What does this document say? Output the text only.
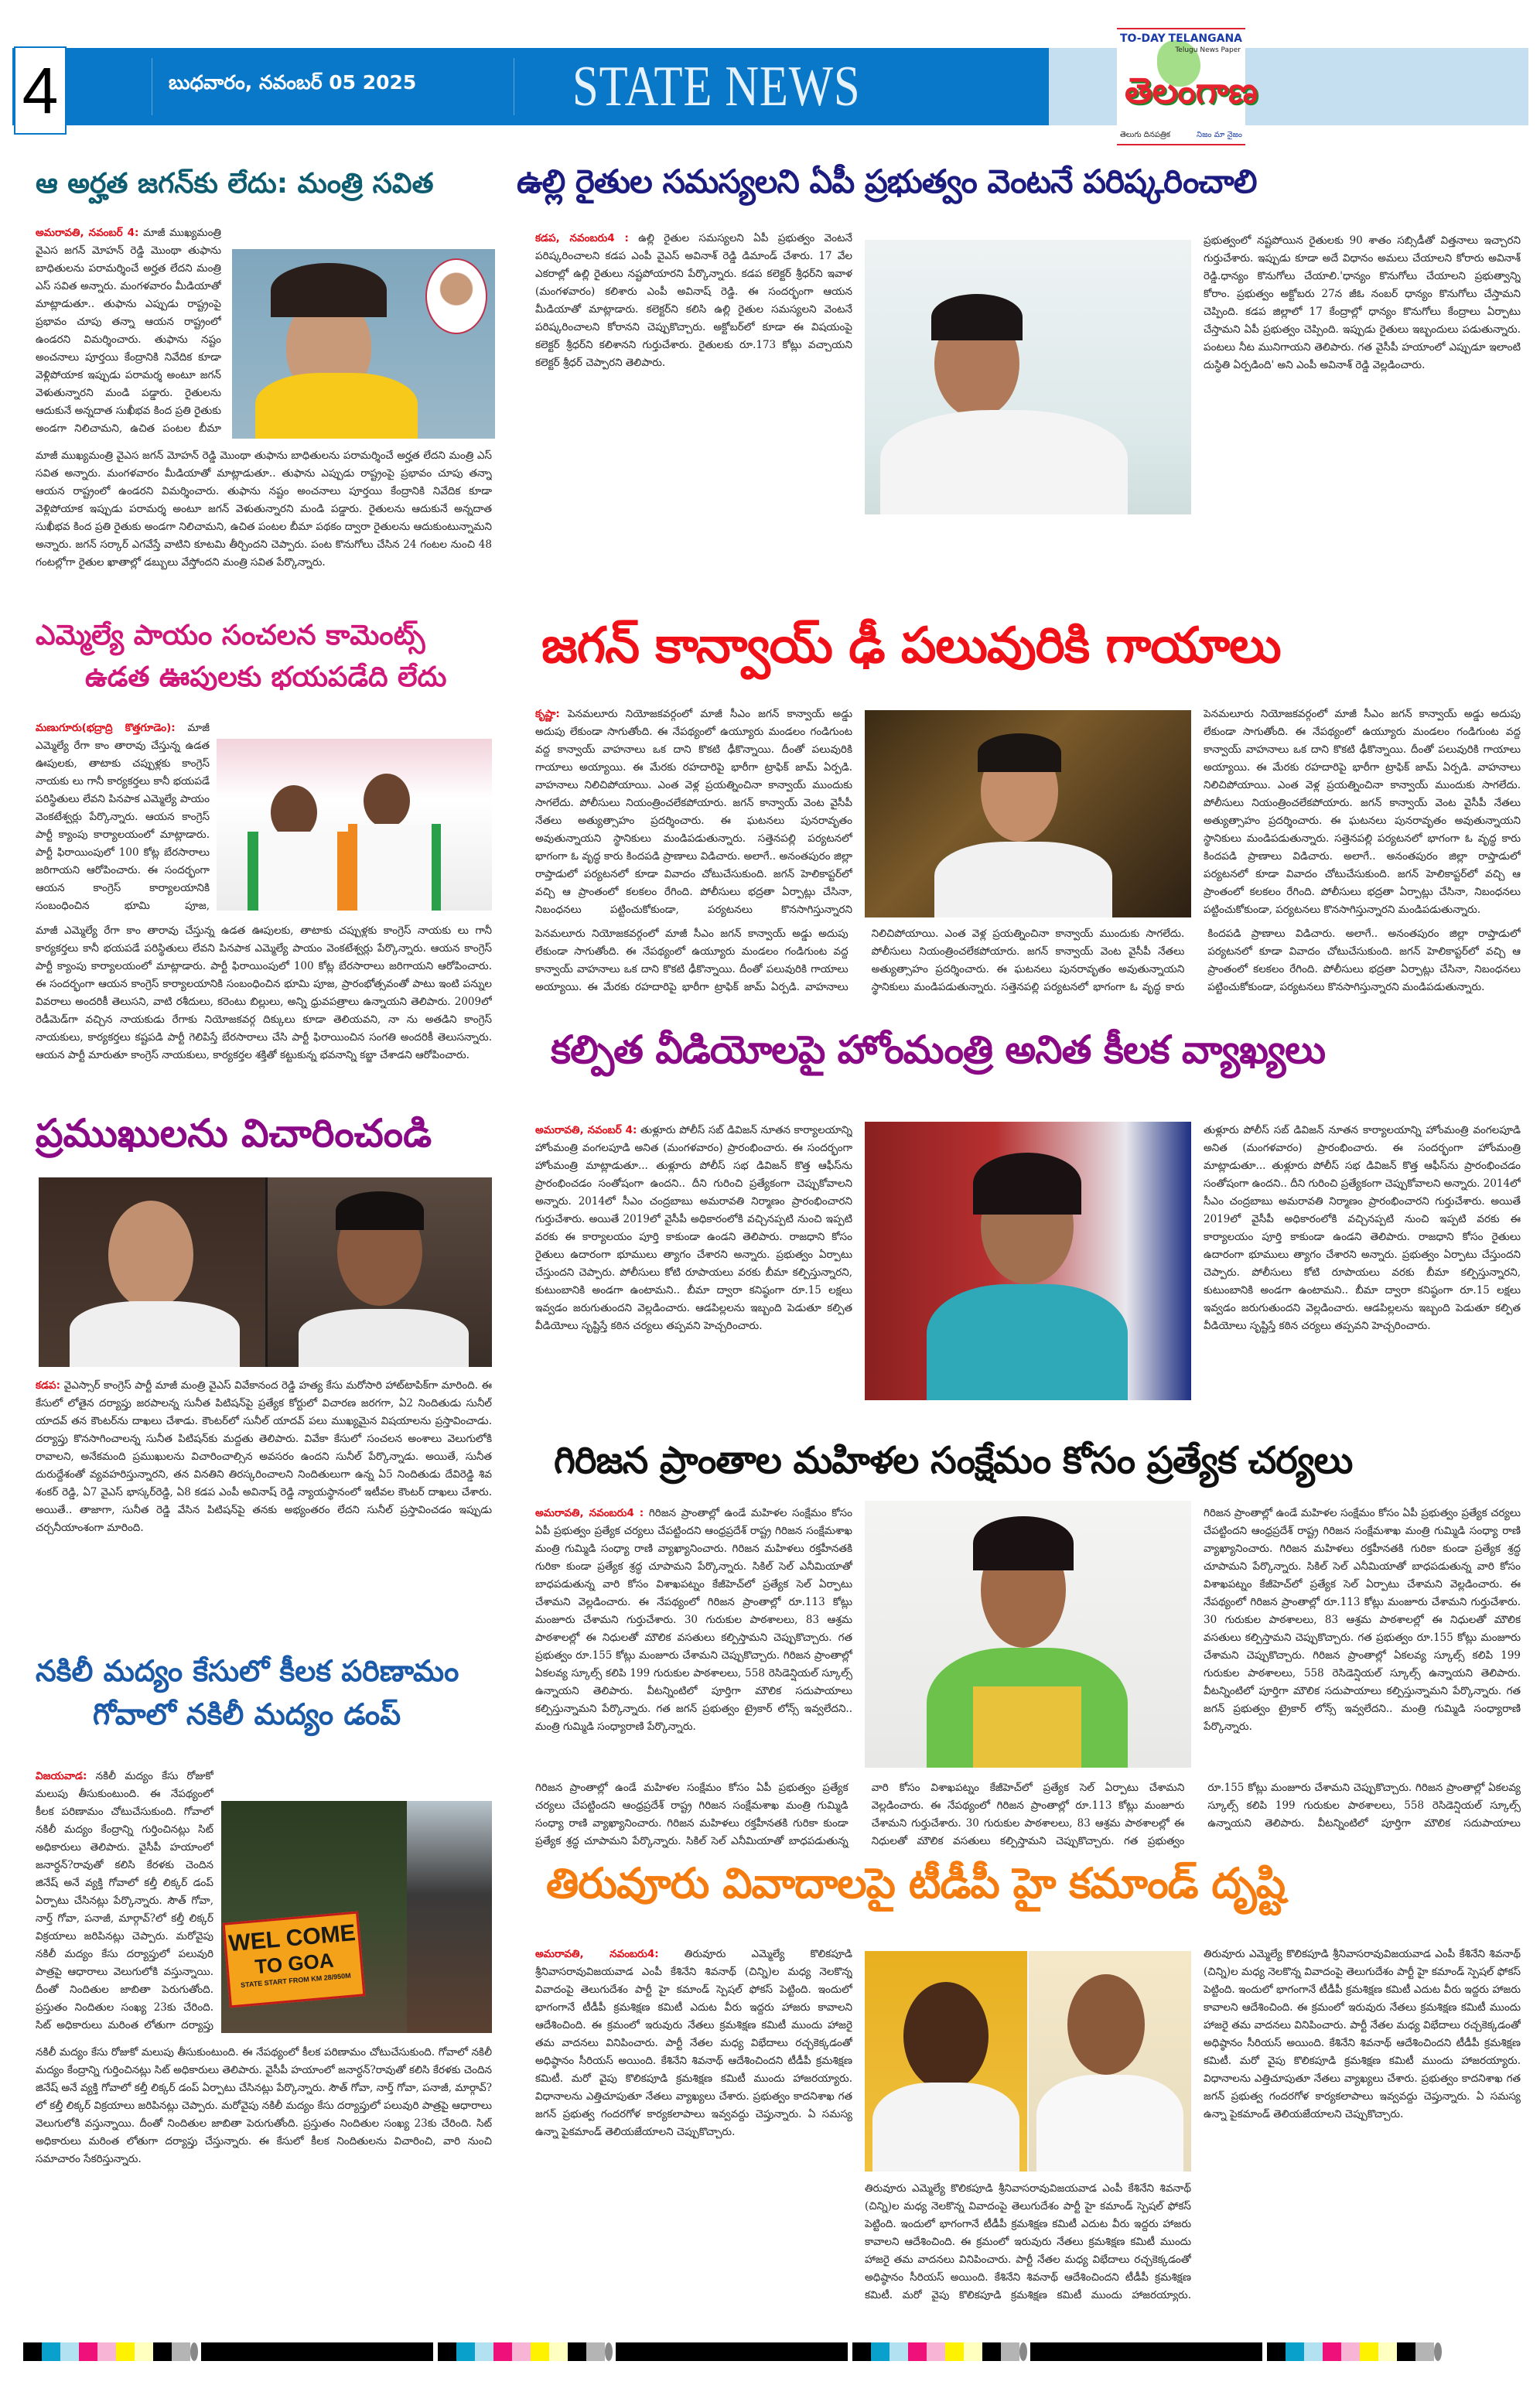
4	బుధవారం, నవంబర్ 05 2025	STATE NEWS
TO-DAY TELANGANA
Telugu News Paper
తెలంగాణ
తెలుగు దినపత్రిక	నిజం మా నైజం
ఆ అర్హత జగన్‌కు లేదు: మంత్రి సవిత
అమరావతి, నవంబర్ 4: మాజీ ముఖ్యమంత్రి వైఎస జగన్ మోహన్ రెడ్డి మొంథా తుఫాను బాధితులను పరామర్శించే అర్హత లేదని మంత్రి ఎస్ సవిత అన్నారు. మంగళవారం మీడియాతో మాట్లాడుతూ.. తుఫాను ఎప్పుడు రాష్ట్రంపై ప్రభావం చూపు తన్నా ఆయన రాష్ట్రంలో ఉండరని విమర్శించారు. తుఫాను నష్టం అంచనాలు పూర్తయి కేంద్రానికి నివేదిక కూడా వెళ్లిపోయాక ఇప్పుడు పరామర్శ అంటూ జగన్ వెళుతున్నారని మండి పడ్డారు. రైతులను ఆదుకునే అన్నదాత సుఖీభవ కింద ప్రతి రైతుకు అండగా నిలిచామని, ఉచిత పంటల బీమా
మాజీ ముఖ్యమంత్రి వైఎస జగన్ మోహన్ రెడ్డి మొంథా తుఫాను బాధితులను పరామర్శించే అర్హత లేదని మంత్రి ఎస్ సవిత అన్నారు. మంగళవారం మీడియాతో మాట్లాడుతూ.. తుఫాను ఎప్పుడు రాష్ట్రంపై ప్రభావం చూపు తన్నా ఆయన రాష్ట్రంలో ఉండరని విమర్శించారు. తుఫాను నష్టం అంచనాలు పూర్తయి కేంద్రానికి నివేదిక కూడా వెళ్లిపోయాక ఇప్పుడు పరామర్శ అంటూ జగన్ వెళుతున్నారని మండి పడ్డారు. రైతులను ఆదుకునే అన్నదాత సుఖీభవ కింద ప్రతి రైతుకు అండగా నిలిచామని, ఉచిత పంటల బీమా పథకం ద్వారా రైతులను ఆదుకుంటున్నామని అన్నారు. జగన్ సర్కార్ ఎగవేస్తే వాటిని కూటమి తీర్చిందని చెప్పారు. పంట కొనుగోలు చేసిన 24 గంటల నుంచి 48 గంటల్లోగా రైతుల ఖాతాల్లో డబ్బులు వేస్తోందని మంత్రి సవిత పేర్కొన్నారు.
ఉల్లి రైతుల సమస్యలని ఏపీ ప్రభుత్వం వెంటనే పరిష్కరించాలి
కడప, నవంబరు4 : ఉల్లి రైతుల సమస్యలని ఏపీ ప్రభుత్వం వెంటనే పరిష్కరించాలని కడప ఎంపీ వైఎస్ అవినాశ్ రెడ్డి డిమాండ్ చేశారు. 17 వేల ఎకరాల్లో ఉల్లి రైతులు నష్టపోయారని పేర్కొన్నారు. కడప కలెక్టర్ శ్రీధర్‌ని ఇవాళ (మంగళవారం) కలిశారు ఎంపీ అవినాష్ రెడ్డి. ఈ సందర్భంగా ఆయన మీడియాతో మాట్లాడారు. కలెక్టర్‌ని కలిసి ఉల్లి రైతుల సమస్యలని వెంటనే పరిష్కరించాలని కోరానని చెప్పుకొచ్చారు. అక్టోబర్‌లో కూడా ఈ విషయంపై కలెక్టర్ శ్రీధర్‌ని కలిశానని గుర్తుచేశారు. రైతులకు రూ.173 కోట్లు వచ్చాయని కలెక్టర్ శ్రీధర్ చెప్పారని తెలిపారు.
ప్రభుత్వంలో నష్టపోయిన రైతులకు 90 శాతం సబ్సిడీతో విత్తనాలు ఇచ్చారని గుర్తుచేశారు. ఇప్పుడు కూడా అదే విధానం అమలు చేయాలని కోరారు అవినాశ్ రెడ్డి.ధాన్యం కొనుగోలు చేయాలి.'ధాన్యం కొనుగోలు చేయాలని ప్రభుత్వాన్ని కోరాం. ప్రభుత్వం అక్టోబరు 27న జీఓ నంబర్ ధాన్యం కొనుగోలు చేస్తామని చెప్పింది. కడప జిల్లాలో 17 కేంద్రాల్లో ధాన్యం కొనుగోలు కేంద్రాలు ఏర్పాటు చేస్తామని ఏపీ ప్రభుత్వం చెప్పింది. ఇప్పుడు రైతులు ఇబ్బందులు పడుతున్నారు. పంటలు నీట మునిగాయని తెలిపారు. గత వైసీపీ హయాంలో ఎప్పుడూ ఇలాంటి దుస్థితి ఏర్పడింది' అని ఎంపీ అవినాశ్ రెడ్డి వెల్లడించారు.
ఎమ్మెల్యే పాయం సంచలన కామెంట్స్
ఉడత ఊపులకు భయపడేది లేదు
మణుగూరు(భద్రాద్రి కొత్తగూడెం): మాజీ ఎమ్మెల్యే రేగా కాం తారావు చేస్తున్న ఉడత ఊపులకు, తాటాకు చప్పుళ్లకు కాంగ్రెస్ నాయకు లు గానీ కార్యకర్తలు కానీ భయపడే పరిస్థితులు లేవని పినపాక ఎమ్మెల్యే పాయం వెంకటేశ్వర్లు పేర్కొన్నారు. ఆయన కాంగ్రెస్ పార్టీ క్యాంపు కార్యాలయంలో మాట్లాడారు. పార్టీ ఫిరాయింపులో 100 కోట్ల బేరసారాలు జరిగాయని ఆరోపించారు. ఈ సందర్భంగా ఆయన కాంగ్రెస్ కార్యాలయానికి సంబంధించిన భూమి పూజ,
మాజీ ఎమ్మెల్యే రేగా కాం తారావు చేస్తున్న ఉడత ఊపులకు, తాటాకు చప్పుళ్లకు కాంగ్రెస్ నాయకు లు గానీ కార్యకర్తలు కానీ భయపడే పరిస్థితులు లేవని పినపాక ఎమ్మెల్యే పాయం వెంకటేశ్వర్లు పేర్కొన్నారు. ఆయన కాంగ్రెస్ పార్టీ క్యాంపు కార్యాలయంలో మాట్లాడారు. పార్టీ ఫిరాయింపులో 100 కోట్ల బేరసారాలు జరిగాయని ఆరోపించారు. ఈ సందర్భంగా ఆయన కాంగ్రెస్ కార్యాలయానికి సంబంధించిన భూమి పూజ, ప్రారంభోత్సవంతో పాటు ఇంటి పన్నుల వివరాలు అందరికీ తెలుసని, వాటి రశీదులు, కరెంటు బిల్లులు, అన్ని ధ్రువపత్రాలు ఉన్నాయని తెలిపారు. 2009లో రెడీమెడ్‌గా వచ్చిన నాయకుడు రేగాకు నియోజకవర్గ దిక్కులు కూడా తెలియవని, నా ను అతడిని కాంగ్రెస్ నాయకులు, కార్యకర్తలు కష్టపడి పార్టీ గెలిపిస్తే బేరసారాలు చేసి పార్టీ ఫిరాయించిన సంగతి అందరికీ తెలుసన్నారు. ఆయన పార్టీ మారుతూ కాంగ్రెస్ నాయకులు, కార్యకర్తల శక్తితో కట్టుకున్న భవనాన్ని కబ్జా చేశాడని ఆరోపించారు.
జగన్ కాన్వాయ్ ఢీ పలువురికి గాయాలు
కృష్ణా: పెనమలూరు నియోజకవర్గంలో మాజీ సీఎం జగన్ కాన్వాయ్ అడ్డు అదుపు లేకుండా సాగుతోంది. ఈ నేపథ్యంలో ఉయ్యూరు మండలం గండిగుంట వద్ద కాన్వాయ్ వాహనాలు ఒక దాని కొకటి ఢీకొన్నాయి. దీంతో పలువురికి గాయాలు అయ్యాయి. ఈ మేరకు రహదారిపై భారీగా ట్రాఫిక్ జామ్ ఏర్పడి. వాహనాలు నిలిచిపోయాయి. ఎంత వెళ్ల ప్రయత్నించినా కాన్వాయ్ ముందుకు సాగలేదు. పోలీసులు నియంత్రించలేకపోయారు. జగన్ కాన్వాయ్ వెంట వైసీపీ నేతలు అత్యుత్సాహం ప్రదర్శించారు. ఈ ఘటనలు పునరావృతం అవుతున్నాయని స్థానికులు మండిపడుతున్నారు. సత్తెనపల్లి పర్యటనలో భాగంగా ఓ వృద్ధ కారు కిందపడి ప్రాణాలు విడిచారు. అలాగే.. అనంతపురం జిల్లా రాప్తాడులో పర్యటనలో కూడా వివాదం చోటుచేసుకుంది. జగన్ హెలికాప్టర్‌లో వచ్చి ఆ ప్రాంతంలో కలకలం రేగింది. పోలీసులు భద్రతా ఏర్పాట్లు చేసినా, నిబంధనలు పట్టించుకోకుండా, పర్యటనలు కొనసాగిస్తున్నారని
పెనమలూరు నియోజకవర్గంలో మాజీ సీఎం జగన్ కాన్వాయ్ అడ్డు అదుపు లేకుండా సాగుతోంది. ఈ నేపథ్యంలో ఉయ్యూరు మండలం గండిగుంట వద్ద కాన్వాయ్ వాహనాలు ఒక దాని కొకటి ఢీకొన్నాయి. దీంతో పలువురికి గాయాలు అయ్యాయి. ఈ మేరకు రహదారిపై భారీగా ట్రాఫిక్ జామ్ ఏర్పడి. వాహనాలు నిలిచిపోయాయి. ఎంత వెళ్ల ప్రయత్నించినా కాన్వాయ్ ముందుకు సాగలేదు. పోలీసులు నియంత్రించలేకపోయారు. జగన్ కాన్వాయ్ వెంట వైసీపీ నేతలు అత్యుత్సాహం ప్రదర్శించారు. ఈ ఘటనలు పునరావృతం అవుతున్నాయని స్థానికులు మండిపడుతున్నారు. సత్తెనపల్లి పర్యటనలో భాగంగా ఓ వృద్ధ కారు కిందపడి ప్రాణాలు విడిచారు. అలాగే.. అనంతపురం జిల్లా రాప్తాడులో పర్యటనలో కూడా వివాదం చోటుచేసుకుంది. జగన్ హెలికాప్టర్‌లో వచ్చి ఆ ప్రాంతంలో కలకలం రేగింది. పోలీసులు భద్రతా ఏర్పాట్లు చేసినా, నిబంధనలు పట్టించుకోకుండా, పర్యటనలు కొనసాగిస్తున్నారని మండిపడుతున్నారు.
పెనమలూరు నియోజకవర్గంలో మాజీ సీఎం జగన్ కాన్వాయ్ అడ్డు అదుపు లేకుండా సాగుతోంది. ఈ నేపథ్యంలో ఉయ్యూరు మండలం గండిగుంట వద్ద కాన్వాయ్ వాహనాలు ఒక దాని కొకటి ఢీకొన్నాయి. దీంతో పలువురికి గాయాలు అయ్యాయి. ఈ మేరకు రహదారిపై భారీగా ట్రాఫిక్ జామ్ ఏర్పడి. వాహనాలు నిలిచిపోయాయి. ఎంత వెళ్ల ప్రయత్నించినా కాన్వాయ్ ముందుకు సాగలేదు. పోలీసులు నియంత్రించలేకపోయారు. జగన్ కాన్వాయ్ వెంట వైసీపీ నేతలు అత్యుత్సాహం ప్రదర్శించారు. ఈ ఘటనలు పునరావృతం అవుతున్నాయని స్థానికులు మండిపడుతున్నారు. సత్తెనపల్లి పర్యటనలో భాగంగా ఓ వృద్ధ కారు కిందపడి ప్రాణాలు విడిచారు. అలాగే.. అనంతపురం జిల్లా రాప్తాడులో పర్యటనలో కూడా వివాదం చోటుచేసుకుంది. జగన్ హెలికాప్టర్‌లో వచ్చి ఆ ప్రాంతంలో కలకలం రేగింది. పోలీసులు భద్రతా ఏర్పాట్లు చేసినా, నిబంధనలు పట్టించుకోకుండా, పర్యటనలు కొనసాగిస్తున్నారని మండిపడుతున్నారు.
ప్రముఖులను విచారించండి
కడప: వైఎస్సార్ కాంగ్రెస్ పార్టీ మాజీ మంత్రి వైఎస్ వివేకానంద రెడ్డి హత్య కేసు మరోసారి హాట్‌టాపిక్‌గా మారింది. ఈ కేసులో లోతైన దర్యాప్తు జరపాలన్న సునీత పిటిషన్‌పై ప్రత్యేక కోర్టులో విచారణ జరగగా, ఏ2 నిందితుడు సునీల్ యాదవ్ తన కౌంటర్‌ను దాఖలు చేశాడు. కౌంటర్‌లో సునీల్ యాదవ్ పలు ముఖ్యమైన విషయాలను ప్రస్తావించాడు. దర్యాప్తు కొనసాగించాలన్న సునీత పిటిషన్‌కు మద్దతు తెలిపారు. వివేకా కేసులో సంచలన అంశాలు వెలుగులోకి రావాలని, అనేకమంది ప్రముఖులను విచారించాల్సిన అవసరం ఉందని సునీల్ పేర్కొన్నాడు. అయితే, సునీత దురుద్దేశంతో వ్యవహరిస్తున్నారని, తన వినతిని తిరస్కరించాలని నిందితులుగా ఉన్న ఏ5 నిందితుడు దేవిరెడ్డి శివ శంకర్ రెడ్డి, ఏ7 వైఎస్ భాస్కర్‌రెడ్డి, ఏ8 కడప ఎంపీ అవినాష్ రెడ్డి న్యాయస్థానంలో ఇటీవల కౌంటర్ దాఖలు చేశారు. అయితే.. తాజాగా, సునీత రెడ్డి వేసిన పిటిషన్‌పై తనకు అభ్యంతరం లేదని సునీల్ ప్రస్తావించడం ఇప్పుడు చర్చనీయాంశంగా మారింది.
కల్పిత వీడియోలపై హోంమంత్రి అనిత కీలక వ్యాఖ్యలు
అమరావతి, నవంబర్ 4: తుళ్లూరు పోలీస్ సబ్ డివిజన్ నూతన కార్యాలయాన్ని హోంమంత్రి వంగలపూడి అనిత (మంగళవారం) ప్రారంభించారు. ఈ సందర్భంగా హోంమంత్రి మాట్లాడుతూ... తుళ్లూరు పోలీస్ సభ డివిజన్ కొత్త ఆఫీస్‌ను ప్రారంభించడం సంతోషంగా ఉందని.. దీని గురించి ప్రత్యేకంగా చెప్పుకోవాలని అన్నారు. 2014లో సీఎం చంద్రబాబు అమరావతి నిర్మాణం ప్రారంభించారని గుర్తుచేశారు. అయితే 2019లో వైసీపీ అధికారంలోకి వచ్చినప్పటి నుంచి ఇప్పటి వరకు ఈ కార్యాలయం పూర్తి కాకుండా ఉండని తెలిపారు. రాజధాని కోసం రైతులు ఉదారంగా భూములు త్యాగం చేశారని అన్నారు. ప్రభుత్వం ఏర్పాటు చేస్తుందని చెప్పారు. పోలీసులు కోటి రూపాయలు వరకు బీమా కల్పిస్తున్నారని, కుటుంబానికి అండగా ఉంటామని.. బీమా ద్వారా కనిష్ఠంగా రూ.15 లక్షలు ఇవ్వడం జరుగుతుందని వెల్లడించారు. ఆడపిల్లలను ఇబ్బంది పెడుతూ కల్పిత వీడియోలు సృష్టిస్తే కఠిన చర్యలు తప్పవని హెచ్చరించారు.
తుళ్లూరు పోలీస్ సబ్ డివిజన్ నూతన కార్యాలయాన్ని హోంమంత్రి వంగలపూడి అనిత (మంగళవారం) ప్రారంభించారు. ఈ సందర్భంగా హోంమంత్రి మాట్లాడుతూ... తుళ్లూరు పోలీస్ సభ డివిజన్ కొత్త ఆఫీస్‌ను ప్రారంభించడం సంతోషంగా ఉందని.. దీని గురించి ప్రత్యేకంగా చెప్పుకోవాలని అన్నారు. 2014లో సీఎం చంద్రబాబు అమరావతి నిర్మాణం ప్రారంభించారని గుర్తుచేశారు. అయితే 2019లో వైసీపీ అధికారంలోకి వచ్చినప్పటి నుంచి ఇప్పటి వరకు ఈ కార్యాలయం పూర్తి కాకుండా ఉండని తెలిపారు. రాజధాని కోసం రైతులు ఉదారంగా భూములు త్యాగం చేశారని అన్నారు. ప్రభుత్వం ఏర్పాటు చేస్తుందని చెప్పారు. పోలీసులు కోటి రూపాయలు వరకు బీమా కల్పిస్తున్నారని, కుటుంబానికి అండగా ఉంటామని.. బీమా ద్వారా కనిష్ఠంగా రూ.15 లక్షలు ఇవ్వడం జరుగుతుందని వెల్లడించారు. ఆడపిల్లలను ఇబ్బంది పెడుతూ కల్పిత వీడియోలు సృష్టిస్తే కఠిన చర్యలు తప్పవని హెచ్చరించారు.
గిరిజన ప్రాంతాల మహిళల సంక్షేమం కోసం ప్రత్యేక చర్యలు
అమరావతి, నవంబరు4 : గిరిజన ప్రాంతాల్లో ఉండే మహిళల సంక్షేమం కోసం ఏపీ ప్రభుత్వం ప్రత్యేక చర్యలు చేపట్టిందని ఆంధ్రప్రదేశ్ రాష్ట్ర గిరిజన సంక్షేమశాఖ మంత్రి గుమ్మిడి సంధ్యా రాణి వ్యాఖ్యానించారు. గిరిజన మహిళలు రక్తహీనతకి గురికా కుండా ప్రత్యేక శ్రద్ధ చూపామని పేర్కొన్నారు. సికిల్ సెల్ ఎనీమియాతో బాధపడుతున్న వారి కోసం విశాఖపట్నం కేజీహెచ్‌లో ప్రత్యేక సెల్ ఏర్పాటు చేశామని వెల్లడించారు. ఈ నేపథ్యంలో గిరిజన ప్రాంతాల్లో రూ.113 కోట్లు మంజూరు చేశామని గుర్తుచేశారు. 30 గురుకుల పాఠశాలలు, 83 ఆశ్రమ పాఠశాలల్లో ఈ నిధులతో మౌలిక వసతులు కల్పిస్తామని చెప్పుకొచ్చారు. గత ప్రభుత్వం రూ.155 కోట్లు మంజూరు చేశామని చెప్పుకొచ్చారు. గిరిజన ప్రాంతాల్లో ఏకలవ్య స్కూల్స్ కలిపి 199 గురుకుల పాఠశాలలు, 558 రెసిడెన్షియల్ స్కూల్స్ ఉన్నాయని తెలిపారు. వీటన్నింటిలో పూర్తిగా మౌలిక సదుపాయాలు కల్పిస్తున్నామని పేర్కొన్నారు. గత జగన్ ప్రభుత్వం ట్రైకార్ లోన్స్ ఇవ్వలేదని.. మంత్రి గుమ్మిడి సంధ్యారాణి పేర్కొన్నారు.
గిరిజన ప్రాంతాల్లో ఉండే మహిళల సంక్షేమం కోసం ఏపీ ప్రభుత్వం ప్రత్యేక చర్యలు చేపట్టిందని ఆంధ్రప్రదేశ్ రాష్ట్ర గిరిజన సంక్షేమశాఖ మంత్రి గుమ్మిడి సంధ్యా రాణి వ్యాఖ్యానించారు. గిరిజన మహిళలు రక్తహీనతకి గురికా కుండా ప్రత్యేక శ్రద్ధ చూపామని పేర్కొన్నారు. సికిల్ సెల్ ఎనీమియాతో బాధపడుతున్న వారి కోసం విశాఖపట్నం కేజీహెచ్‌లో ప్రత్యేక సెల్ ఏర్పాటు చేశామని వెల్లడించారు. ఈ నేపథ్యంలో గిరిజన ప్రాంతాల్లో రూ.113 కోట్లు మంజూరు చేశామని గుర్తుచేశారు. 30 గురుకుల పాఠశాలలు, 83 ఆశ్రమ పాఠశాలల్లో ఈ నిధులతో మౌలిక వసతులు కల్పిస్తామని చెప్పుకొచ్చారు. గత ప్రభుత్వం రూ.155 కోట్లు మంజూరు చేశామని చెప్పుకొచ్చారు. గిరిజన ప్రాంతాల్లో ఏకలవ్య స్కూల్స్ కలిపి 199 గురుకుల పాఠశాలలు, 558 రెసిడెన్షియల్ స్కూల్స్ ఉన్నాయని తెలిపారు. వీటన్నింటిలో పూర్తిగా మౌలిక సదుపాయాలు కల్పిస్తున్నామని పేర్కొన్నారు. గత జగన్ ప్రభుత్వం ట్రైకార్ లోన్స్ ఇవ్వలేదని.. మంత్రి గుమ్మిడి సంధ్యారాణి పేర్కొన్నారు.
గిరిజన ప్రాంతాల్లో ఉండే మహిళల సంక్షేమం కోసం ఏపీ ప్రభుత్వం ప్రత్యేక చర్యలు చేపట్టిందని ఆంధ్రప్రదేశ్ రాష్ట్ర గిరిజన సంక్షేమశాఖ మంత్రి గుమ్మిడి సంధ్యా రాణి వ్యాఖ్యానించారు. గిరిజన మహిళలు రక్తహీనతకి గురికా కుండా ప్రత్యేక శ్రద్ధ చూపామని పేర్కొన్నారు. సికిల్ సెల్ ఎనీమియాతో బాధపడుతున్న వారి కోసం విశాఖపట్నం కేజీహెచ్‌లో ప్రత్యేక సెల్ ఏర్పాటు చేశామని వెల్లడించారు. ఈ నేపథ్యంలో గిరిజన ప్రాంతాల్లో రూ.113 కోట్లు మంజూరు చేశామని గుర్తుచేశారు. 30 గురుకుల పాఠశాలలు, 83 ఆశ్రమ పాఠశాలల్లో ఈ నిధులతో మౌలిక వసతులు కల్పిస్తామని చెప్పుకొచ్చారు. గత ప్రభుత్వం రూ.155 కోట్లు మంజూరు చేశామని చెప్పుకొచ్చారు. గిరిజన ప్రాంతాల్లో ఏకలవ్య స్కూల్స్ కలిపి 199 గురుకుల పాఠశాలలు, 558 రెసిడెన్షియల్ స్కూల్స్ ఉన్నాయని తెలిపారు. వీటన్నింటిలో పూర్తిగా మౌలిక సదుపాయాలు
నకిలీ మద్యం కేసులో కీలక పరిణామం
గోవాలో నకిలీ మద్యం డంప్
విజయవాడ: నకిలీ మద్యం కేసు రోజుకో మలుపు తీసుకుంటుంది. ఈ నేపథ్యంలో కీలక పరిణామం చోటుచేసుకుంది. గోవాలో నకిలీ మద్యం కేంద్రాన్ని గుర్తించినట్లు సిట్ అధికారులు తెలిపారు. వైసీపీ హయాంలో జనార్ధన్?రావుతో కలిసి కేరళకు చెందిన జినేష్ అనే వ్యక్తి గోవాలో కల్తీ లిక్కర్ డంప్ ఏర్పాటు చేసినట్లు పేర్కొన్నారు. సౌత్ గోవా, నార్త్ గోవా, పనాజీ, మార్గావ్?లో కల్తీ లిక్కర్ విక్రయాలు జరిపినట్లు చెప్పారు. మరోవైపు నకిలీ మద్యం కేసు దర్యాప్తులో పలువురి పాత్రపై ఆధారాలు వెలుగులోకి వస్తున్నాయి. దీంతో నిందితుల జాబితా పెరుగుతోంది. ప్రస్తుతం నిందితుల సంఖ్య 23కు చేరింది. సిట్ అధికారులు మరింత లోతుగా దర్యాప్తు
WEL COME
TO GOA
STATE START FROM KM 28/950M
నకిలీ మద్యం కేసు రోజుకో మలుపు తీసుకుంటుంది. ఈ నేపథ్యంలో కీలక పరిణామం చోటుచేసుకుంది. గోవాలో నకిలీ మద్యం కేంద్రాన్ని గుర్తించినట్లు సిట్ అధికారులు తెలిపారు. వైసీపీ హయాంలో జనార్ధన్?రావుతో కలిసి కేరళకు చెందిన జినేష్ అనే వ్యక్తి గోవాలో కల్తీ లిక్కర్ డంప్ ఏర్పాటు చేసినట్లు పేర్కొన్నారు. సౌత్ గోవా, నార్త్ గోవా, పనాజీ, మార్గావ్?లో కల్తీ లిక్కర్ విక్రయాలు జరిపినట్లు చెప్పారు. మరోవైపు నకిలీ మద్యం కేసు దర్యాప్తులో పలువురి పాత్రపై ఆధారాలు వెలుగులోకి వస్తున్నాయి. దీంతో నిందితుల జాబితా పెరుగుతోంది. ప్రస్తుతం నిందితుల సంఖ్య 23కు చేరింది. సిట్ అధికారులు మరింత లోతుగా దర్యాప్తు చేస్తున్నారు. ఈ కేసులో కీలక నిందితులను విచారించి, వారి నుంచి సమాచారం సేకరిస్తున్నారు.
తిరువూరు వివాదాలపై టీడీపీ హై కమాండ్ దృష్టి
అమరావతి, నవంబరు4: తిరువూరు ఎమ్మెల్యే కొలికపూడి శ్రీనివాసరావువిజయవాడ ఎంపీ కేశినేని శివనాథ్ (చిన్ని)ల మధ్య నెలకొన్న వివాదంపై తెలుగుదేశం పార్టీ హై కమాండ్ స్పెషల్ ఫోకస్ పెట్టింది. ఇందులో భాగంగానే టీడీపీ క్రమశిక్షణ కమిటీ ఎదుట వీరు ఇద్దరు హాజరు కావాలని ఆదేశించింది. ఈ క్రమంలో ఇరువురు నేతలు క్రమశిక్షణ కమిటీ ముందు హాజరై తమ వాదనలు వినిపించారు. పార్టీ నేతల మధ్య విభేదాలు రచ్చకెక్కడంతో అధిష్ఠానం సీరియస్ అయింది. కేశినేని శివనాథ్ ఆదేశించిందని టీడీపీ క్రమశిక్షణ కమిటీ. మరో వైపు కొలికపూడి క్రమశిక్షణ కమిటీ ముందు హాజరయ్యారు. విధానాలను ఎత్తిచూపుతూ నేతలు వ్యాఖ్యలు చేశారు. ప్రభుత్వం కాదనిశాఖ గత జగన్ ప్రభుత్వ గందరగోళ కార్యకలాపాలు ఇవ్వవద్దు చెప్తున్నారు. ఏ సమస్య ఉన్నా పైకమాండ్ తెలియజేయాలని చెప్పుకొచ్చారు.
తిరువూరు ఎమ్మెల్యే కొలికపూడి శ్రీనివాసరావువిజయవాడ ఎంపీ కేశినేని శివనాథ్ (చిన్ని)ల మధ్య నెలకొన్న వివాదంపై తెలుగుదేశం పార్టీ హై కమాండ్ స్పెషల్ ఫోకస్ పెట్టింది. ఇందులో భాగంగానే టీడీపీ క్రమశిక్షణ కమిటీ ఎదుట వీరు ఇద్దరు హాజరు కావాలని ఆదేశించింది. ఈ క్రమంలో ఇరువురు నేతలు క్రమశిక్షణ కమిటీ ముందు హాజరై తమ వాదనలు వినిపించారు. పార్టీ నేతల మధ్య విభేదాలు రచ్చకెక్కడంతో అధిష్ఠానం సీరియస్ అయింది. కేశినేని శివనాథ్ ఆదేశించిందని టీడీపీ క్రమశిక్షణ కమిటీ. మరో వైపు కొలికపూడి క్రమశిక్షణ కమిటీ ముందు హాజరయ్యారు. విధానాలను ఎత్తిచూపుతూ నేతలు వ్యాఖ్యలు చేశారు. ప్రభుత్వం కాదనిశాఖ గత జగన్ ప్రభుత్వ గందరగోళ కార్యకలాపాలు ఇవ్వవద్దు చెప్తున్నారు. ఏ సమస్య ఉన్నా పైకమాండ్ తెలియజేయాలని చెప్పుకొచ్చారు.
తిరువూరు ఎమ్మెల్యే కొలికపూడి శ్రీనివాసరావువిజయవాడ ఎంపీ కేశినేని శివనాథ్ (చిన్ని)ల మధ్య నెలకొన్న వివాదంపై తెలుగుదేశం పార్టీ హై కమాండ్ స్పెషల్ ఫోకస్ పెట్టింది. ఇందులో భాగంగానే టీడీపీ క్రమశిక్షణ కమిటీ ఎదుట వీరు ఇద్దరు హాజరు కావాలని ఆదేశించింది. ఈ క్రమంలో ఇరువురు నేతలు క్రమశిక్షణ కమిటీ ముందు హాజరై తమ వాదనలు వినిపించారు. పార్టీ నేతల మధ్య విభేదాలు రచ్చకెక్కడంతో అధిష్ఠానం సీరియస్ అయింది. కేశినేని శివనాథ్ ఆదేశించిందని టీడీపీ క్రమశిక్షణ కమిటీ. మరో వైపు కొలికపూడి క్రమశిక్షణ కమిటీ ముందు హాజరయ్యారు.
